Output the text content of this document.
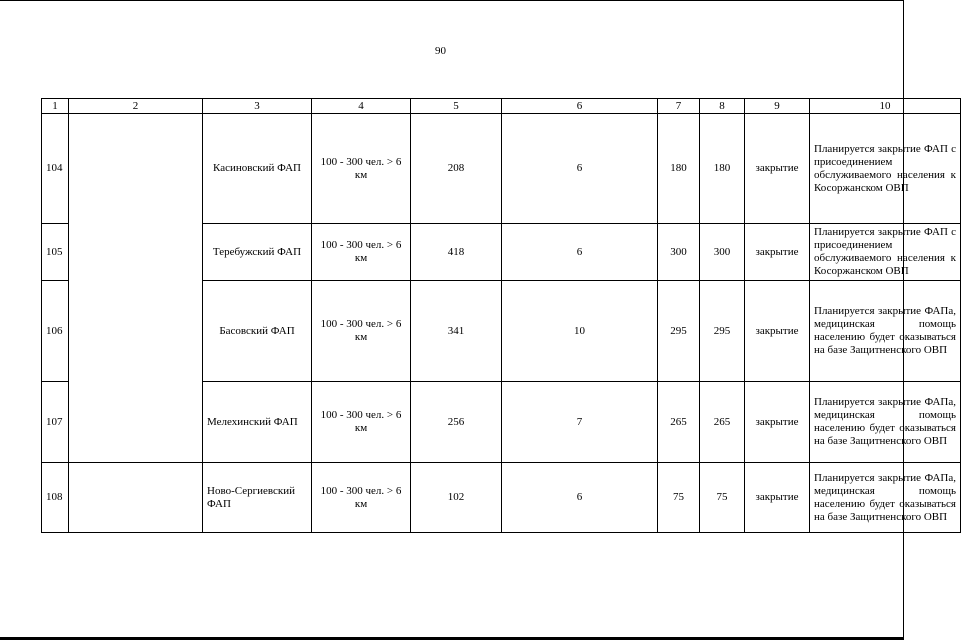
90
1	2	3	4	5	6	7	8	9	10
104		Касиновский ФАП	100 - 300 чел. > 6 км	208	6	180	180	закрытие	Планируется закрытие ФАП с присоединением обслуживаемого населения к Косоржанском ОВП
105		Теребужский ФАП	100 - 300 чел. > 6 км	418	6	300	300	закрытие	Планируется закрытие ФАП с присоединением обслуживаемого населения к Косоржанском ОВП
106		Басовский ФАП	100 - 300 чел. > 6 км	341	10	295	295	закрытие	Планируется закрытие ФАПа, медицинская помощь населению будет оказываться на базе Защитненского ОВП
107		Мелехинский ФАП	100 - 300 чел. > 6 км	256	7	265	265	закрытие	Планируется закрытие ФАПа, медицинская помощь населению будет оказываться на базе Защитненского ОВП
108		Ново-Сергиевский ФАП	100 - 300 чел. > 6 км	102	6	75	75	закрытие	Планируется закрытие ФАПа, медицинская помощь населению будет оказываться на базе Защитненского ОВП
